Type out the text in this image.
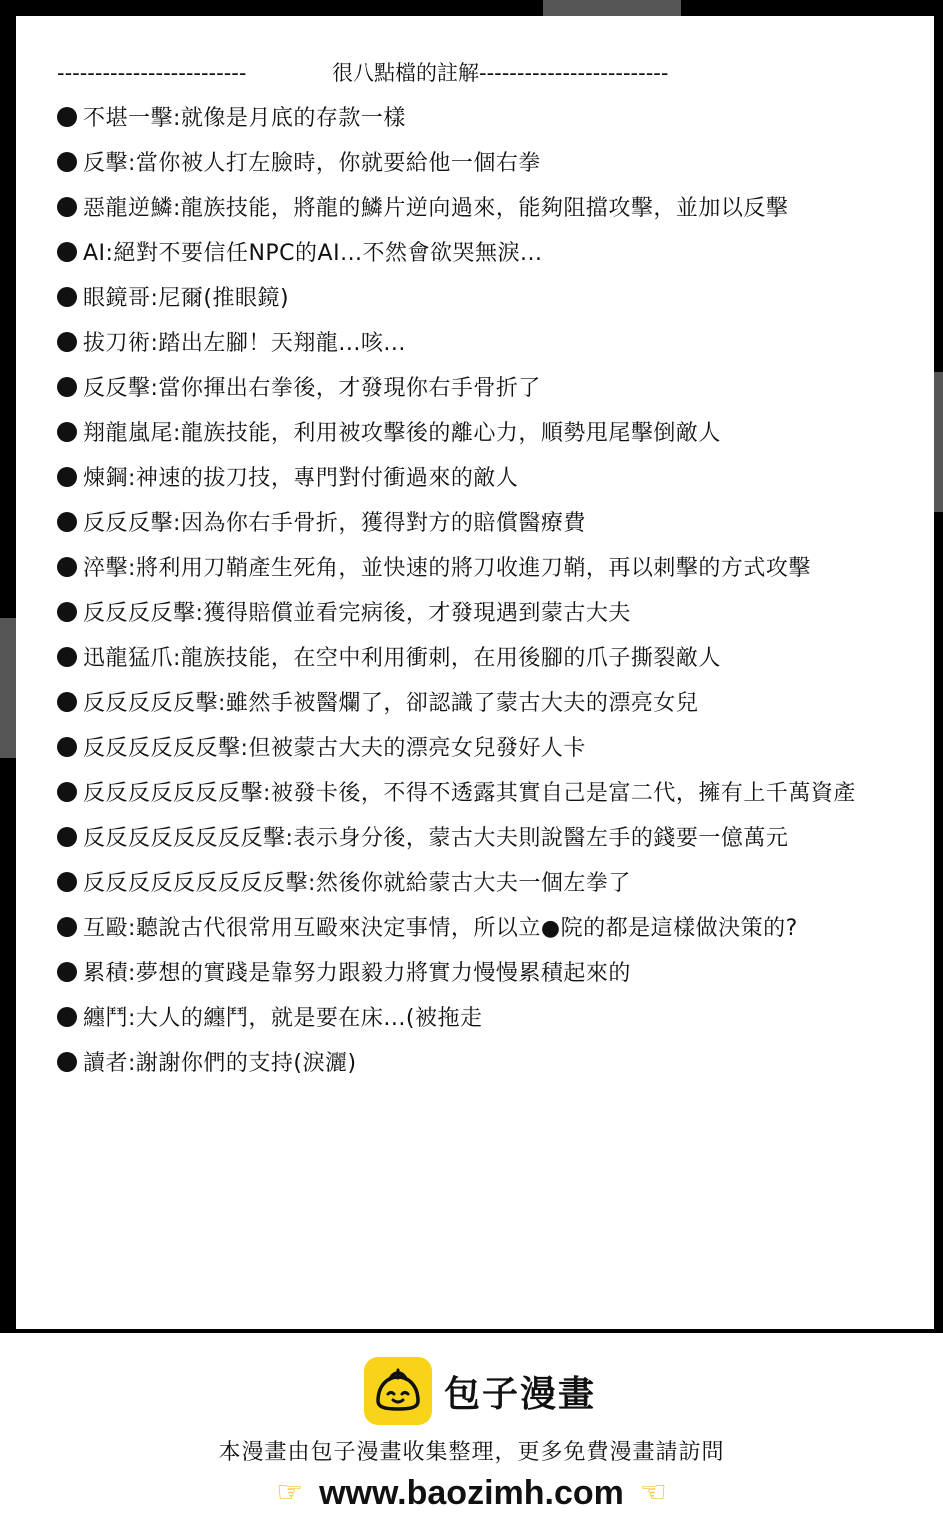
-------------------------	很八點檔的註解-------------------------
不堪一擊:就像是月底的存款一樣
反擊:當你被人打左臉時，你就要給他一個右拳
惡龍逆鱗:龍族技能，將龍的鱗片逆向過來，能夠阻擋攻擊，並加以反擊
AI:絕對不要信任NPC的AI...不然會欲哭無淚...
眼鏡哥:尼爾(推眼鏡)
拔刀術:踏出左腳！天翔龍...咳...
反反擊:當你揮出右拳後，才發現你右手骨折了
翔龍嵐尾:龍族技能，利用被攻擊後的離心力，順勢甩尾擊倒敵人
煉鋼:神速的拔刀技，專門對付衝過來的敵人
反反反擊:因為你右手骨折，獲得對方的賠償醫療費
淬擊:將利用刀鞘產生死角，並快速的將刀收進刀鞘，再以刺擊的方式攻擊
反反反反擊:獲得賠償並看完病後，才發現遇到蒙古大夫
迅龍猛爪:龍族技能，在空中利用衝刺，在用後腳的爪子撕裂敵人
反反反反反擊:雖然手被醫爛了，卻認識了蒙古大夫的漂亮女兒
反反反反反反擊:但被蒙古大夫的漂亮女兒發好人卡
反反反反反反反擊:被發卡後，不得不透露其實自己是富二代，擁有上千萬資產
反反反反反反反反擊:表示身分後，蒙古大夫則說醫左手的錢要一億萬元
反反反反反反反反反擊:然後你就給蒙古大夫一個左拳了
互毆:聽說古代很常用互毆來決定事情，所以立●院的都是這樣做決策的?
累積:夢想的實踐是靠努力跟毅力將實力慢慢累積起來的
纏鬥:大人的纏鬥，就是要在床...(被拖走
讀者:謝謝你們的支持(淚灑)
包子漫畫
本漫畫由包子漫畫收集整理，更多免費漫畫請訪問
☞ www.baozimh.com ☞
